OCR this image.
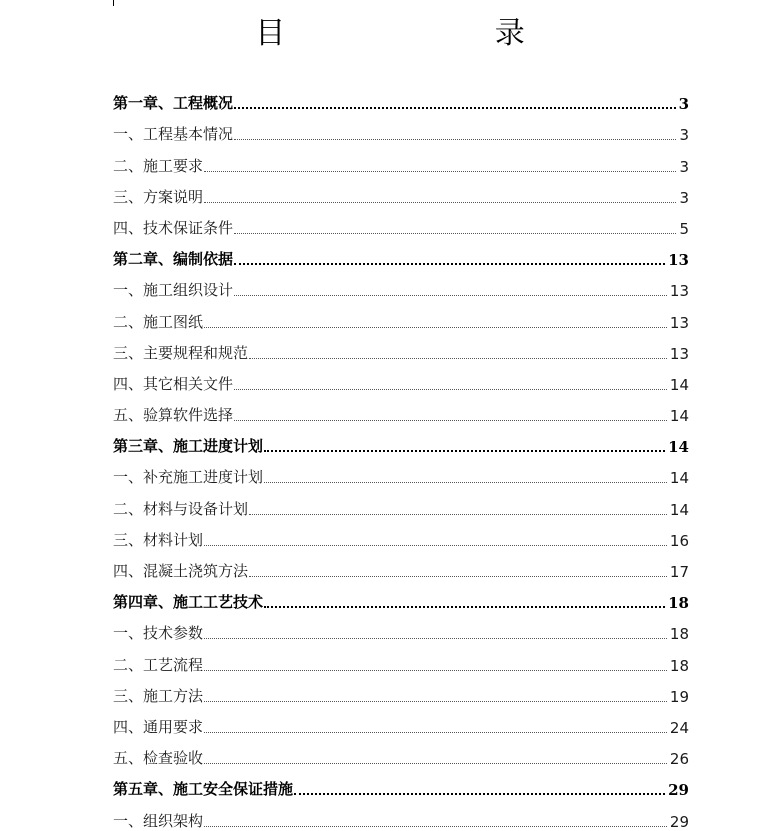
目 录
第一章、工程概况	3
一、工程基本情况	3
二、施工要求	3
三、方案说明	3
四、技术保证条件	5
第二章、编制依据	13
一、施工组织设计	13
二、施工图纸	13
三、主要规程和规范	13
四、其它相关文件	14
五、验算软件选择	14
第三章、施工进度计划	14
一、补充施工进度计划	14
二、材料与设备计划	14
三、材料计划	16
四、混凝土浇筑方法	17
第四章、施工工艺技术	18
一、技术参数	18
二、工艺流程	18
三、施工方法	19
四、通用要求	24
五、检查验收	26
第五章、施工安全保证措施	29
一、组织架构	29
